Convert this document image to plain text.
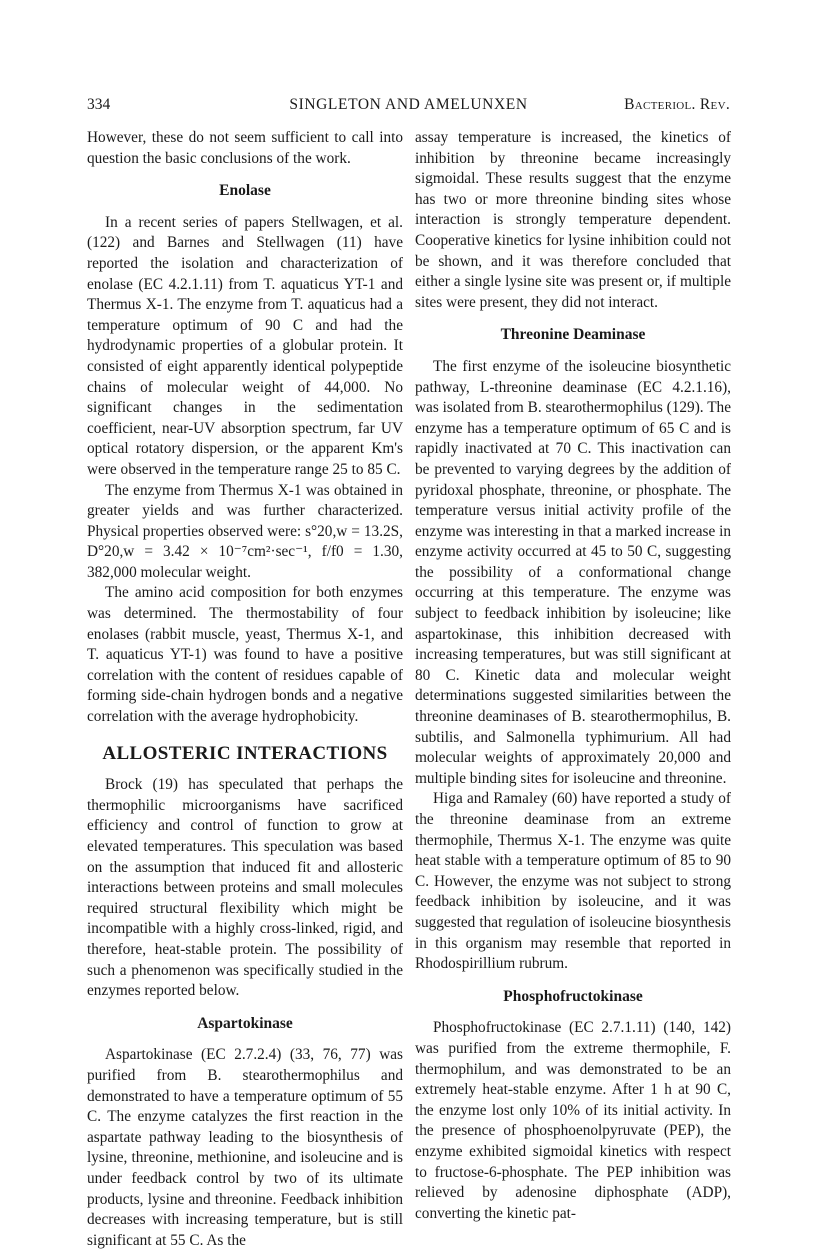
334	SINGLETON AND AMELUNXEN	Bacteriol. Rev.

However, these do not seem sufficient to call into question the basic conclusions of the work.

Enolase

In a recent series of papers Stellwagen, et al. (122) and Barnes and Stellwagen (11) have reported the isolation and characterization of enolase (EC 4.2.1.11) from T. aquaticus YT-1 and Thermus X-1. The enzyme from T. aquaticus had a temperature optimum of 90 C and had the hydrodynamic properties of a globular protein. It consisted of eight apparently identical polypeptide chains of molecular weight of 44,000. No significant changes in the sedimentation coefficient, near-UV absorption spectrum, far UV optical rotatory dispersion, or the apparent Km's were observed in the temperature range 25 to 85 C.

The enzyme from Thermus X-1 was obtained in greater yields and was further characterized. Physical properties observed were: s°20,w = 13.2S, D°20,w = 3.42 × 10⁻⁷cm²·sec⁻¹, f/f0 = 1.30, 382,000 molecular weight.

The amino acid composition for both enzymes was determined. The thermostability of four enolases (rabbit muscle, yeast, Thermus X-1, and T. aquaticus YT-1) was found to have a positive correlation with the content of residues capable of forming side-chain hydrogen bonds and a negative correlation with the average hydrophobicity.

ALLOSTERIC INTERACTIONS

Brock (19) has speculated that perhaps the thermophilic microorganisms have sacrificed efficiency and control of function to grow at elevated temperatures. This speculation was based on the assumption that induced fit and allosteric interactions between proteins and small molecules required structural flexibility which might be incompatible with a highly cross-linked, rigid, and therefore, heat-stable protein. The possibility of such a phenomenon was specifically studied in the enzymes reported below.

Aspartokinase

Aspartokinase (EC 2.7.2.4) (33, 76, 77) was purified from B. stearothermophilus and demonstrated to have a temperature optimum of 55 C. The enzyme catalyzes the first reaction in the aspartate pathway leading to the biosynthesis of lysine, threonine, methionine, and isoleucine and is under feedback control by two of its ultimate products, lysine and threonine. Feedback inhibition decreases with increasing temperature, but is still significant at 55 C. As the

assay temperature is increased, the kinetics of inhibition by threonine became increasingly sigmoidal. These results suggest that the enzyme has two or more threonine binding sites whose interaction is strongly temperature dependent. Cooperative kinetics for lysine inhibition could not be shown, and it was therefore concluded that either a single lysine site was present or, if multiple sites were present, they did not interact.

Threonine Deaminase

The first enzyme of the isoleucine biosynthetic pathway, L-threonine deaminase (EC 4.2.1.16), was isolated from B. stearothermophilus (129). The enzyme has a temperature optimum of 65 C and is rapidly inactivated at 70 C. This inactivation can be prevented to varying degrees by the addition of pyridoxal phosphate, threonine, or phosphate. The temperature versus initial activity profile of the enzyme was interesting in that a marked increase in enzyme activity occurred at 45 to 50 C, suggesting the possibility of a conformational change occurring at this temperature. The enzyme was subject to feedback inhibition by isoleucine; like aspartokinase, this inhibition decreased with increasing temperatures, but was still significant at 80 C. Kinetic data and molecular weight determinations suggested similarities between the threonine deaminases of B. stearothermophilus, B. subtilis, and Salmonella typhimurium. All had molecular weights of approximately 20,000 and multiple binding sites for isoleucine and threonine.

Higa and Ramaley (60) have reported a study of the threonine deaminase from an extreme thermophile, Thermus X-1. The enzyme was quite heat stable with a temperature optimum of 85 to 90 C. However, the enzyme was not subject to strong feedback inhibition by isoleucine, and it was suggested that regulation of isoleucine biosynthesis in this organism may resemble that reported in Rhodospirillium rubrum.

Phosphofructokinase

Phosphofructokinase (EC 2.7.1.11) (140, 142) was purified from the extreme thermophile, F. thermophilum, and was demonstrated to be an extremely heat-stable enzyme. After 1 h at 90 C, the enzyme lost only 10% of its initial activity. In the presence of phosphoenolpyruvate (PEP), the enzyme exhibited sigmoidal kinetics with respect to fructose-6-phosphate. The PEP inhibition was relieved by adenosine diphosphate (ADP), converting the kinetic pat-
